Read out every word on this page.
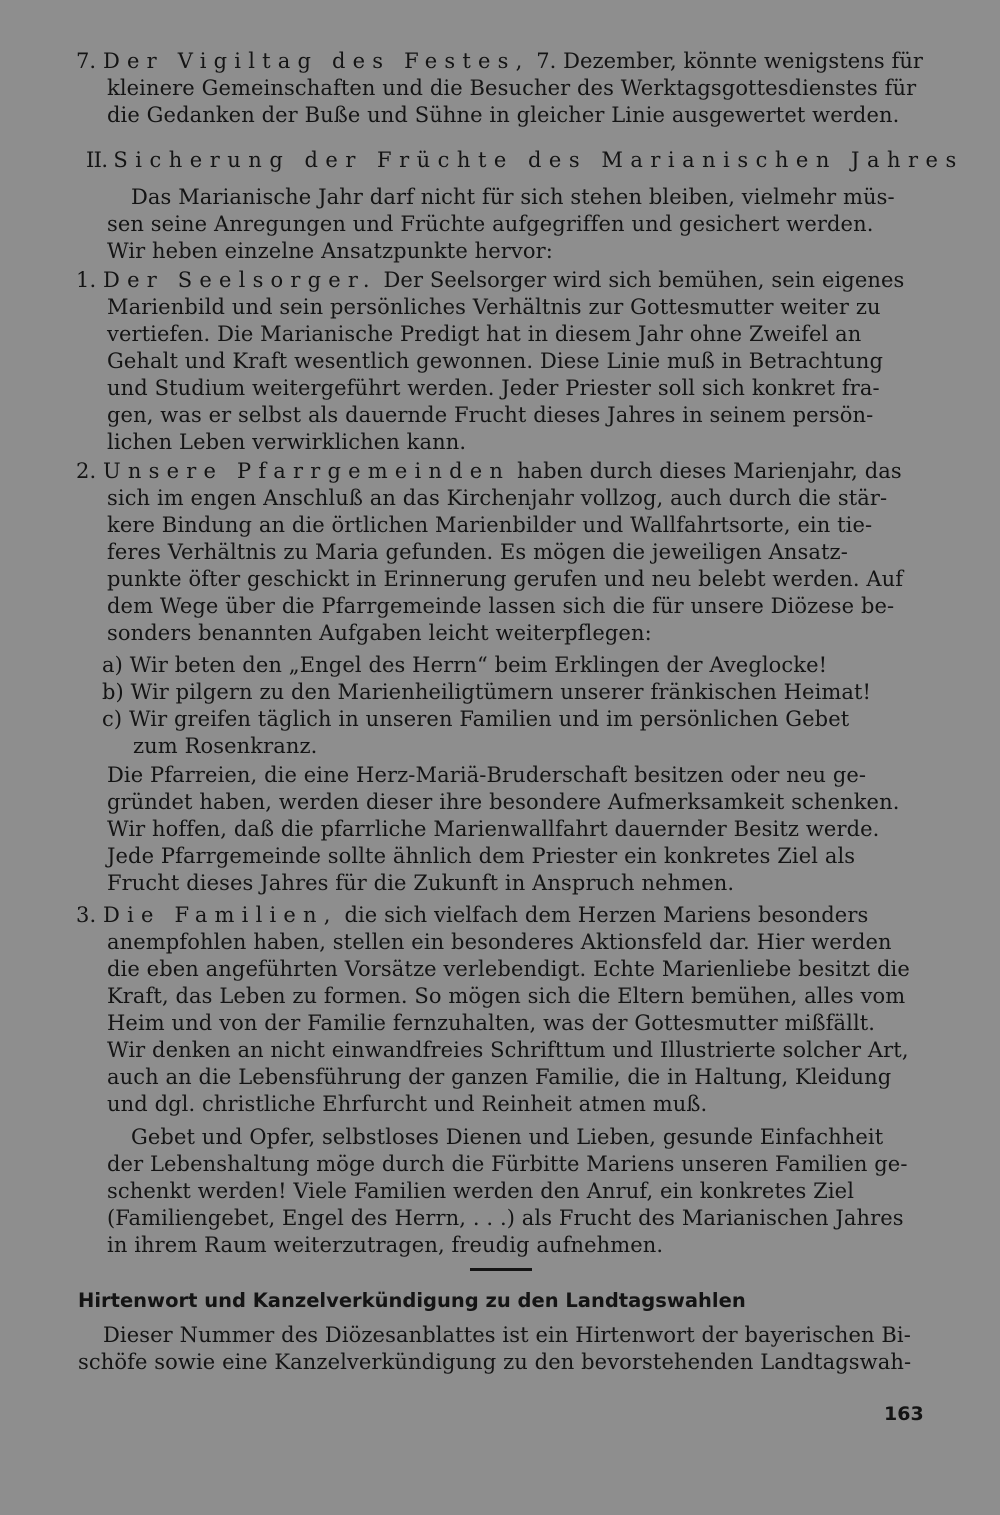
7. Der Vigiltag des Festes, 7. Dezember, könnte wenigstens für
kleinere Gemeinschaften und die Besucher des Werktagsgottesdienstes für
die Gedanken der Buße und Sühne in gleicher Linie ausgewertet werden.
II. Sicherung der Früchte des Marianischen Jahres
Das Marianische Jahr darf nicht für sich stehen bleiben, vielmehr müs-
sen seine Anregungen und Früchte aufgegriffen und gesichert werden.
Wir heben einzelne Ansatzpunkte hervor:
1. Der Seelsorger. Der Seelsorger wird sich bemühen, sein eigenes
Marienbild und sein persönliches Verhältnis zur Gottesmutter weiter zu
vertiefen. Die Marianische Predigt hat in diesem Jahr ohne Zweifel an
Gehalt und Kraft wesentlich gewonnen. Diese Linie muß in Betrachtung
und Studium weitergeführt werden. Jeder Priester soll sich konkret fra-
gen, was er selbst als dauernde Frucht dieses Jahres in seinem persön-
lichen Leben verwirklichen kann.
2. Unsere Pfarrgemeinden haben durch dieses Marienjahr, das
sich im engen Anschluß an das Kirchenjahr vollzog, auch durch die stär-
kere Bindung an die örtlichen Marienbilder und Wallfahrtsorte, ein tie-
feres Verhältnis zu Maria gefunden. Es mögen die jeweiligen Ansatz-
punkte öfter geschickt in Erinnerung gerufen und neu belebt werden. Auf
dem Wege über die Pfarrgemeinde lassen sich die für unsere Diözese be-
sonders benannten Aufgaben leicht weiterpflegen:
a) Wir beten den „Engel des Herrn“ beim Erklingen der Aveglocke!
b) Wir pilgern zu den Marienheiligtümern unserer fränkischen Heimat!
c) Wir greifen täglich in unseren Familien und im persönlichen Gebet
zum Rosenkranz.
Die Pfarreien, die eine Herz-Mariä-Bruderschaft besitzen oder neu ge-
gründet haben, werden dieser ihre besondere Aufmerksamkeit schenken.
Wir hoffen, daß die pfarrliche Marienwallfahrt dauernder Besitz werde.
Jede Pfarrgemeinde sollte ähnlich dem Priester ein konkretes Ziel als
Frucht dieses Jahres für die Zukunft in Anspruch nehmen.
3. Die Familien, die sich vielfach dem Herzen Mariens besonders
anempfohlen haben, stellen ein besonderes Aktionsfeld dar. Hier werden
die eben angeführten Vorsätze verlebendigt. Echte Marienliebe besitzt die
Kraft, das Leben zu formen. So mögen sich die Eltern bemühen, alles vom
Heim und von der Familie fernzuhalten, was der Gottesmutter mißfällt.
Wir denken an nicht einwandfreies Schrifttum und Illustrierte solcher Art,
auch an die Lebensführung der ganzen Familie, die in Haltung, Kleidung
und dgl. christliche Ehrfurcht und Reinheit atmen muß.
Gebet und Opfer, selbstloses Dienen und Lieben, gesunde Einfachheit
der Lebenshaltung möge durch die Fürbitte Mariens unseren Familien ge-
schenkt werden! Viele Familien werden den Anruf, ein konkretes Ziel
(Familiengebet, Engel des Herrn, . . .) als Frucht des Marianischen Jahres
in ihrem Raum weiterzutragen, freudig aufnehmen.
Hirtenwort und Kanzelverkündigung zu den Landtagswahlen
Dieser Nummer des Diözesanblattes ist ein Hirtenwort der bayerischen Bi-
schöfe sowie eine Kanzelverkündigung zu den bevorstehenden Landtagswah-
163
